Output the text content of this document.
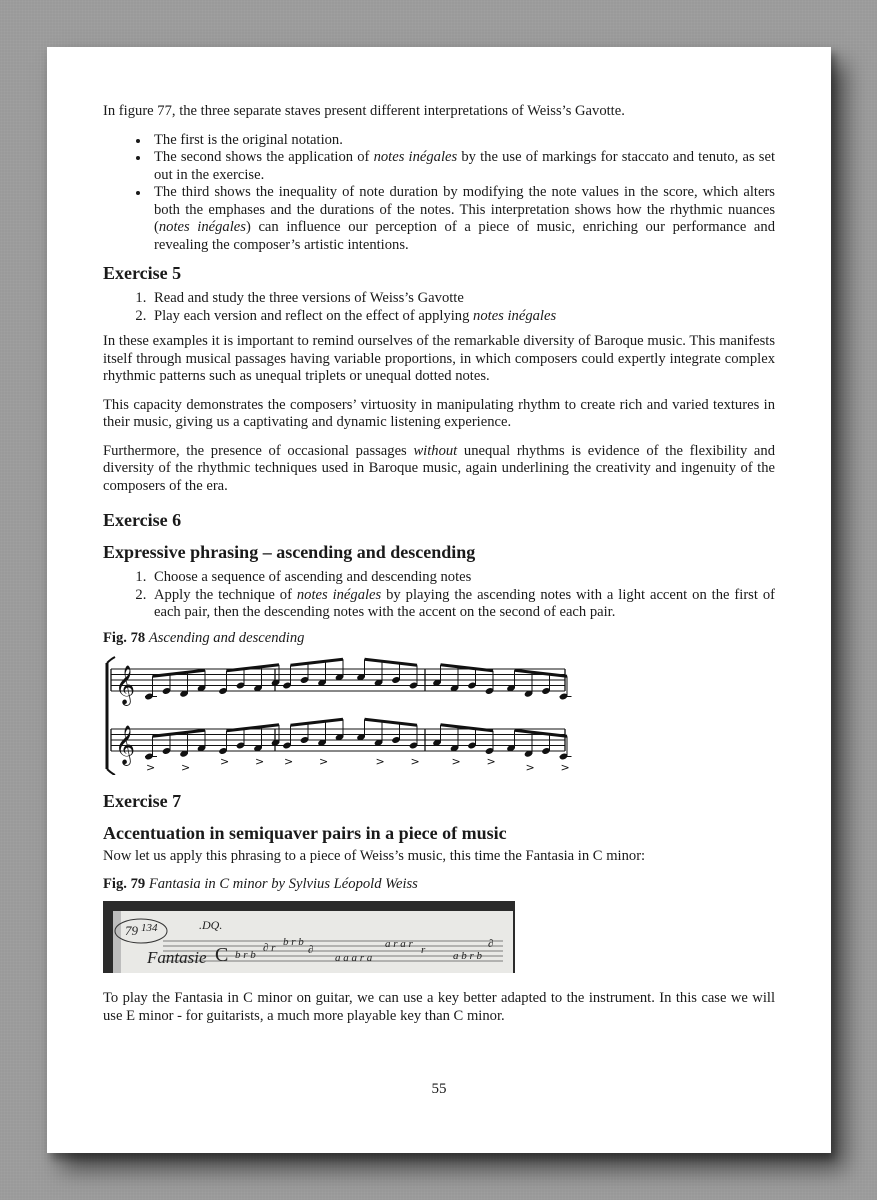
In figure 77, the three separate staves present different interpretations of Weiss’s Gavotte.

• The first is the original notation.
• The second shows the application of notes inégales by the use of markings for staccato and tenuto, as set out in the exercise.
• The third shows the inequality of note duration by modifying the note values in the score, which alters both the emphases and the durations of the notes. This interpretation shows how the rhythmic nuances (notes inégales) can influence our perception of a piece of music, enriching our performance and revealing the composer’s artistic intentions.
Exercise 5
1. Read and study the three versions of Weiss’s Gavotte
2. Play each version and reflect on the effect of applying notes inégales

In these examples it is important to remind ourselves of the remarkable diversity of Baroque music. This manifests itself through musical passages having variable proportions, in which composers could expertly integrate complex rhythmic patterns such as unequal triplets or unequal dotted notes.

This capacity demonstrates the composers’ virtuosity in manipulating rhythm to create rich and varied textures in their music, giving us a captivating and dynamic listening experience.

Furthermore, the presence of occasional passages without unequal rhythms is evidence of the flexibility and diversity of the rhythmic techniques used in Baroque music, again underlining the creativity and ingenuity of the composers of the era.

Exercise 6
Expressive phrasing – ascending and descending
1. Choose a sequence of ascending and descending notes
2. Apply the technique of notes inégales by playing the ascending notes with a light accent on the first of each pair, then the descending notes with the accent on the second of each pair.
Fig. 78 Ascending and descending
𝄞
𝄞
> >	> > > >	> >	> >	> >
Exercise 7
Accentuation in semiquaver pairs in a piece of music

Now let us apply this phrasing to a piece of Weiss’s music, this time the Fantasia in C minor:

Fig. 79 Fantasia in C minor by Sylvius Léopold Weiss
79 134
Fantasie
.DQ.
C b r b
∂ r b r b
∂
a a a r a
a r a r r	a b r b
∂

To play the Fantasia in C minor on guitar, we can use a key better adapted to the instrument. In this case we will use E minor - for guitarists, a much more playable key than C minor.

55
